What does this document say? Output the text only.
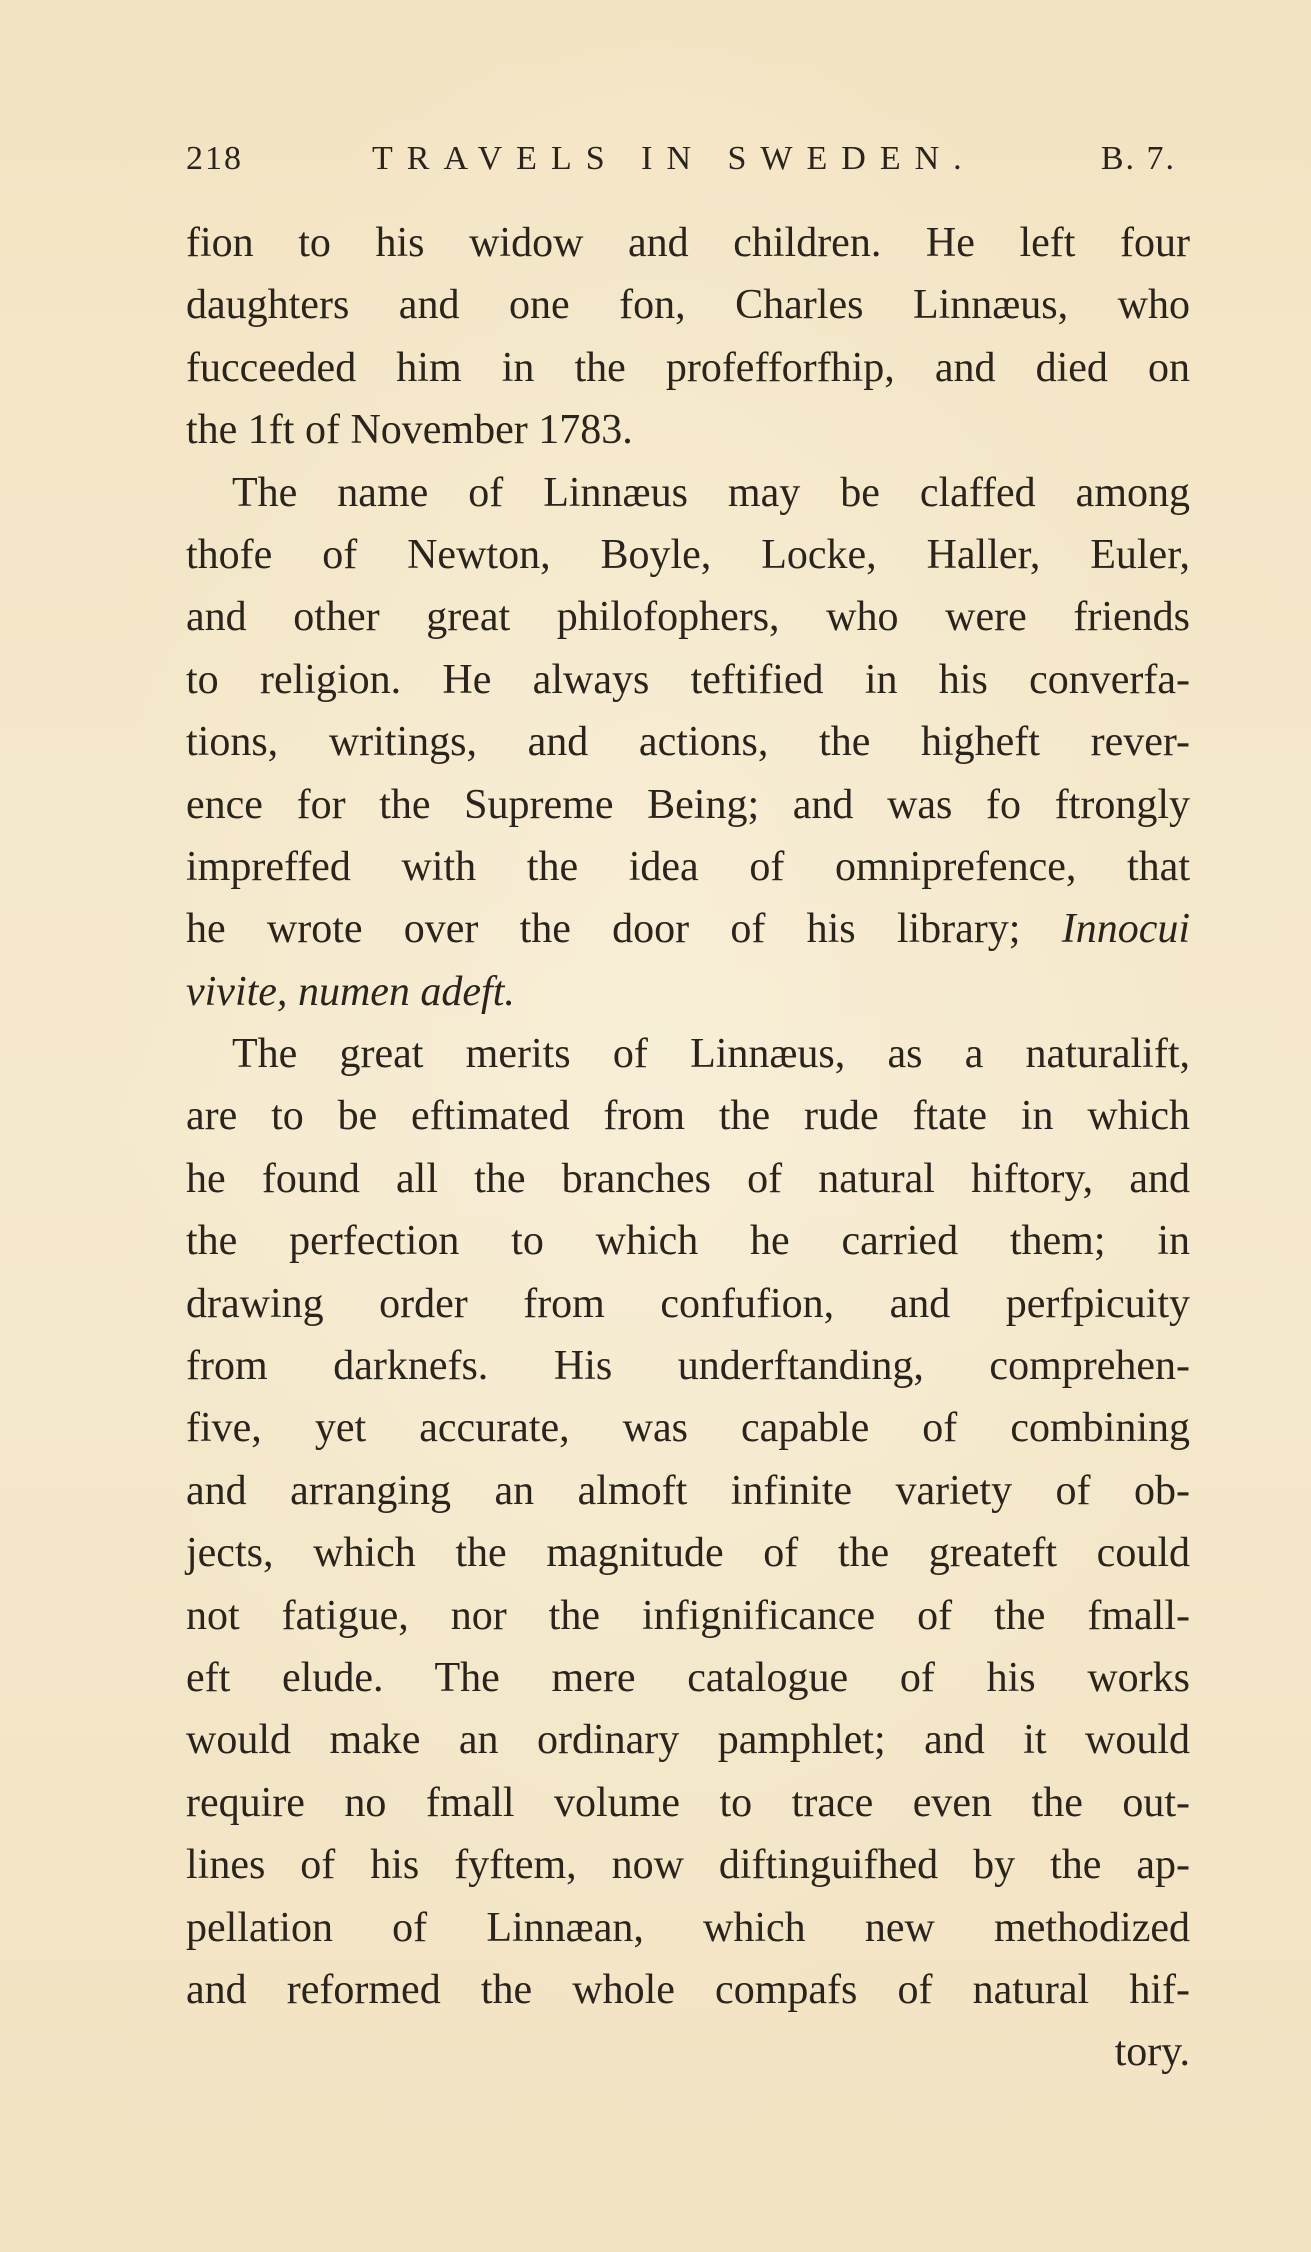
218	TRAVELS IN SWEDEN.	B. 7.
fion to his widow and children. He left four
daughters and one fon, Charles Linnæus, who
fucceeded him in the profefforfhip, and died on
the 1ft of November 1783.
The name of Linnæus may be claffed among
thofe of Newton, Boyle, Locke, Haller, Euler,
and other great philofophers, who were friends
to religion. He always teftified in his converfa-
tions, writings, and actions, the higheft rever-
ence for the Supreme Being; and was fo ftrongly
impreffed with the idea of omniprefence, that
he wrote over the door of his library; Innocui
vivite, numen adeft.
The great merits of Linnæus, as a naturalift,
are to be eftimated from the rude ftate in which
he found all the branches of natural hiftory, and
the perfection to which he carried them; in
drawing order from confufion, and perfpicuity
from darknefs. His underftanding, comprehen-
five, yet accurate, was capable of combining
and arranging an almoft infinite variety of ob-
jects, which the magnitude of the greateft could
not fatigue, nor the infignificance of the fmall-
eft elude. The mere catalogue of his works
would make an ordinary pamphlet; and it would
require no fmall volume to trace even the out-
lines of his fyftem, now diftinguifhed by the ap-
pellation of Linnæan, which new methodized
and reformed the whole compafs of natural hif-
tory.
